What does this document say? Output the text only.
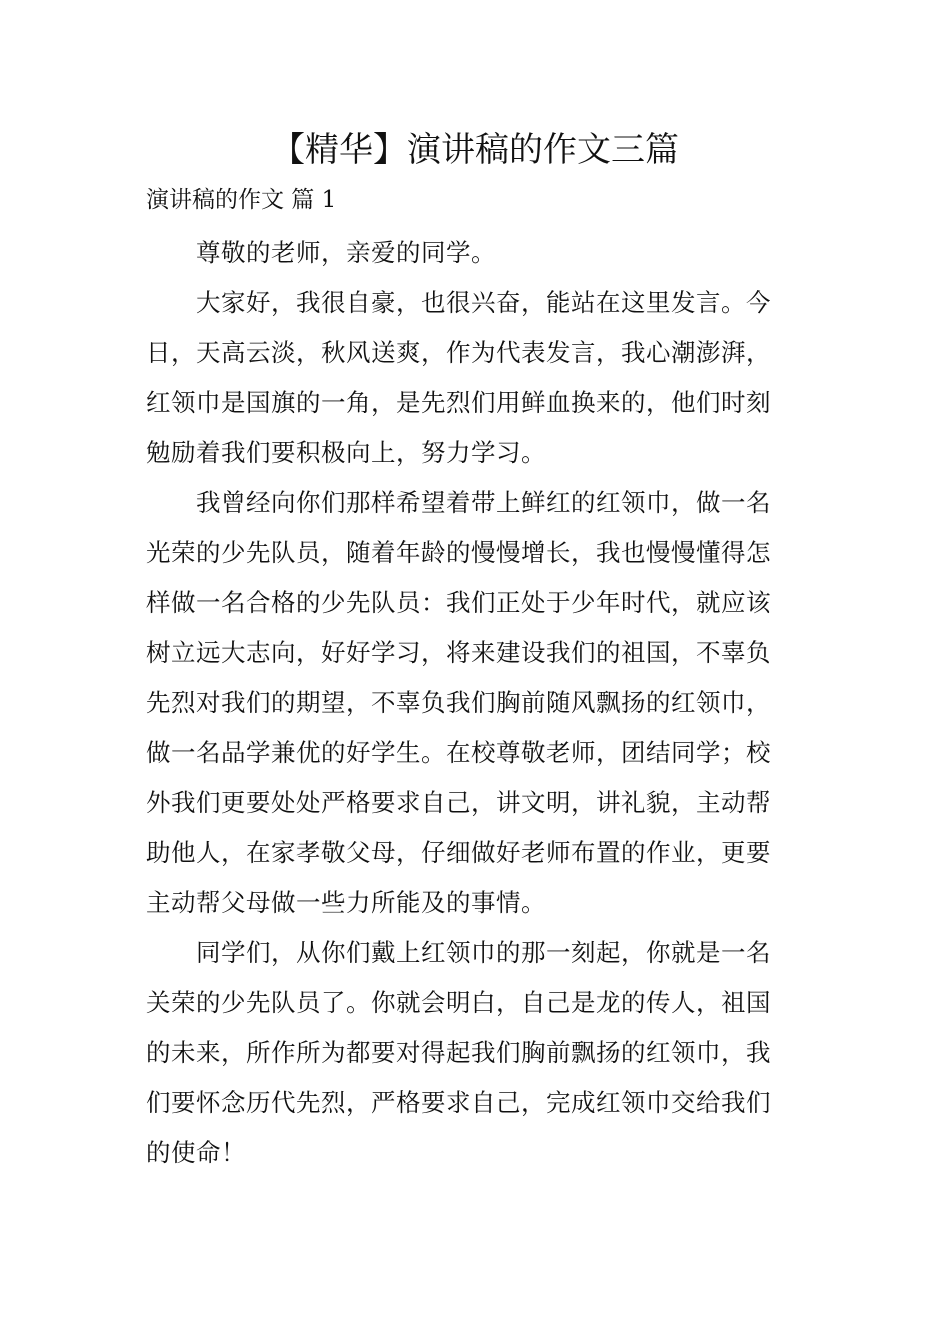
【精华】演讲稿的作文三篇
演讲稿的作文 篇 1
尊敬的老师，亲爱的同学。
大家好，我很自豪，也很兴奋，能站在这里发言。今
日，天高云淡，秋风送爽，作为代表发言，我心潮澎湃，
红领巾是国旗的一角，是先烈们用鲜血换来的，他们时刻
勉励着我们要积极向上，努力学习。
我曾经向你们那样希望着带上鲜红的红领巾，做一名
光荣的少先队员，随着年龄的慢慢增长，我也慢慢懂得怎
样做一名合格的少先队员：我们正处于少年时代，就应该
树立远大志向，好好学习，将来建设我们的祖国，不辜负
先烈对我们的期望，不辜负我们胸前随风飘扬的红领巾，
做一名品学兼优的好学生。在校尊敬老师，团结同学；校
外我们更要处处严格要求自己，讲文明，讲礼貌，主动帮
助他人，在家孝敬父母，仔细做好老师布置的作业，更要
主动帮父母做一些力所能及的事情。
同学们，从你们戴上红领巾的那一刻起，你就是一名
关荣的少先队员了。你就会明白，自己是龙的传人，祖国
的未来，所作所为都要对得起我们胸前飘扬的红领巾，我
们要怀念历代先烈，严格要求自己，完成红领巾交给我们
的使命！
